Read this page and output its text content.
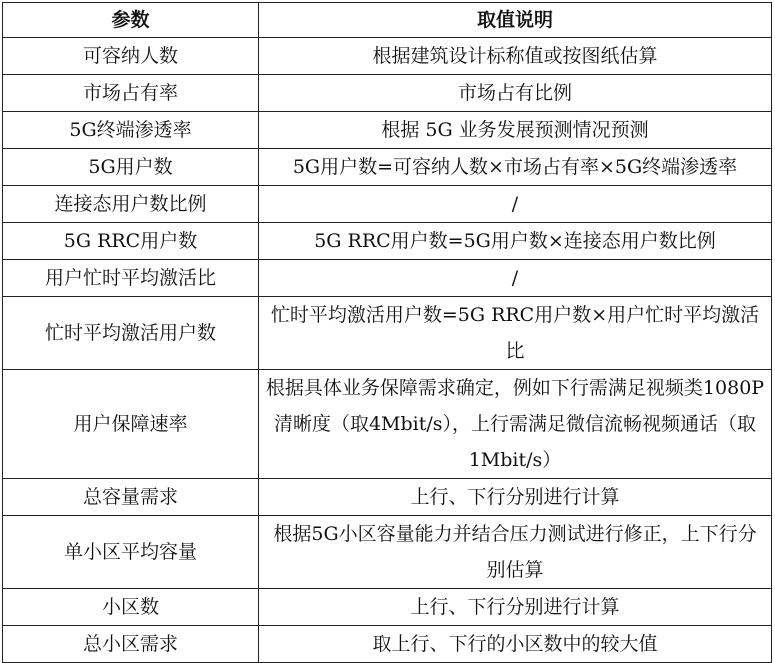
参数	取值说明
可容纳人数	根据建筑设计标称值或按图纸估算
市场占有率	市场占有比例
5G终端渗透率	根据 5G 业务发展预测情况预测
5G用户数	5G用户数=可容纳人数×市场占有率×5G终端渗透率
连接态用户数比例	/
5G RRC用户数	5G RRC用户数=5G用户数×连接态用户数比例
用户忙时平均激活比	/
忙时平均激活用户数	忙时平均激活用户数=5G RRC用户数×用户忙时平均激活比
用户保障速率	根据具体业务保障需求确定，例如下行需满足视频类1080P清晰度（取4Mbit/s），上行需满足微信流畅视频通话（取1Mbit/s）
总容量需求	上行、下行分别进行计算
单小区平均容量	根据5G小区容量能力并结合压力测试进行修正，上下行分别估算
小区数	上行、下行分别进行计算
总小区需求	取上行、下行的小区数中的较大值
